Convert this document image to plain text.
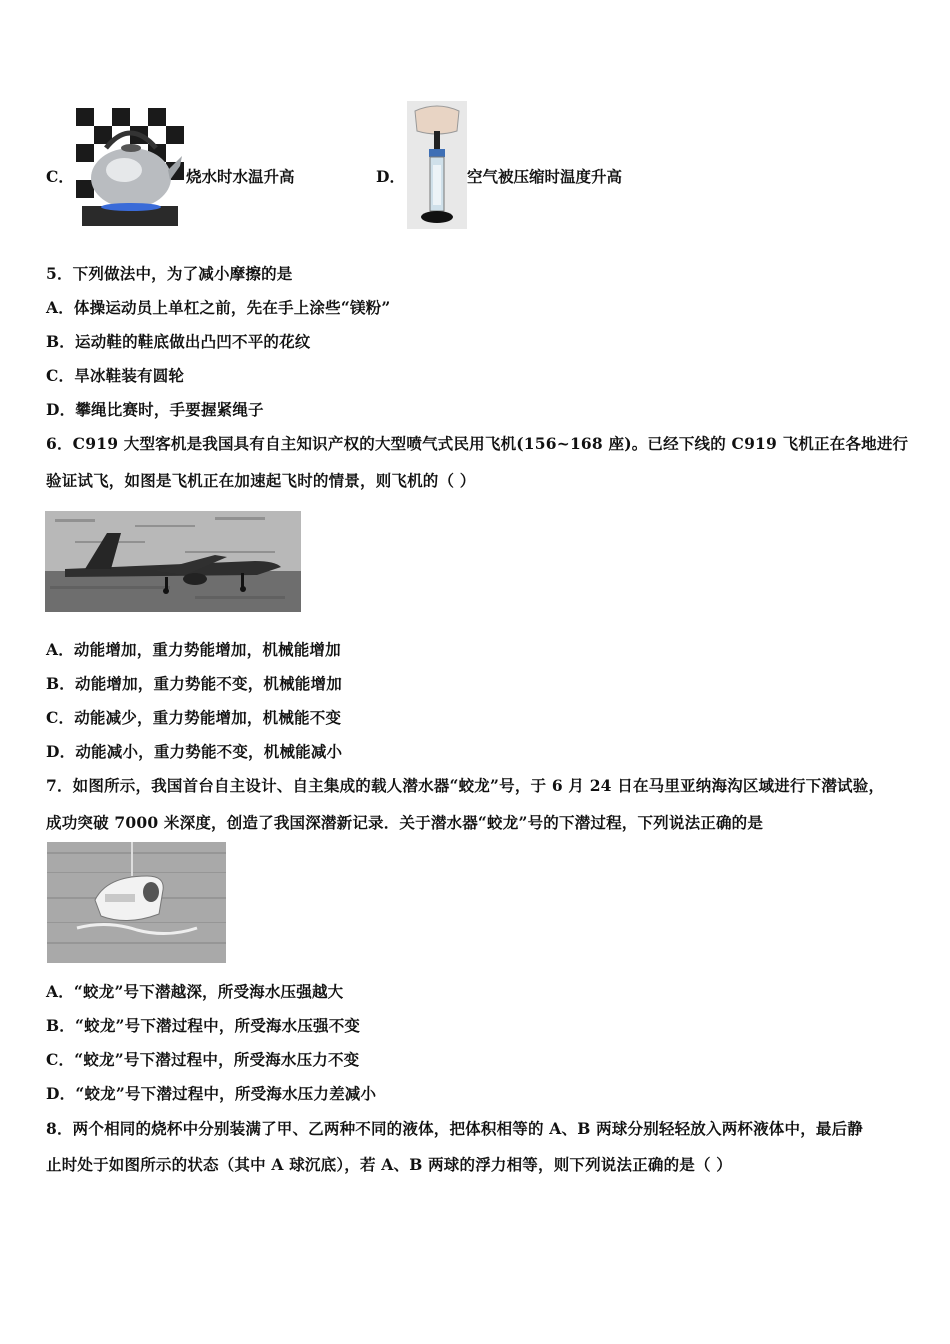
C．	烧水时水温升高	D．	空气被压缩时温度升高
5．下列做法中，为了减小摩擦的是
A．体操运动员上单杠之前，先在手上涂些“镁粉”
B．运动鞋的鞋底做出凸凹不平的花纹
C．旱冰鞋装有圆轮
D．攀绳比赛时，手要握紧绳子
6．C919 大型客机是我国具有自主知识产权的大型喷气式民用飞机(156~168 座)。已经下线的 C919 飞机正在各地进行
验证试飞，如图是飞机正在加速起飞时的情景，则飞机的（ ）
A．动能增加，重力势能增加，机械能增加
B．动能增加，重力势能不变，机械能增加
C．动能减少，重力势能增加，机械能不变
D．动能减小，重力势能不变，机械能减小
7．如图所示，我国首台自主设计、自主集成的载人潜水器“蛟龙”号，于 6 月 24 日在马里亚纳海沟区域进行下潜试验，
成功突破 7000 米深度，创造了我国深潜新记录．关于潜水器“蛟龙”号的下潜过程，下列说法正确的是
A．“蛟龙”号下潜越深，所受海水压强越大
B．“蛟龙”号下潜过程中，所受海水压强不变
C．“蛟龙”号下潜过程中，所受海水压力不变
D．“蛟龙”号下潜过程中，所受海水压力差减小
8．两个相同的烧杯中分别装满了甲、乙两种不同的液体，把体积相等的 A、B 两球分别轻轻放入两杯液体中，最后静
止时处于如图所示的状态（其中 A 球沉底），若 A、B 两球的浮力相等，则下列说法正确的是（ ）
